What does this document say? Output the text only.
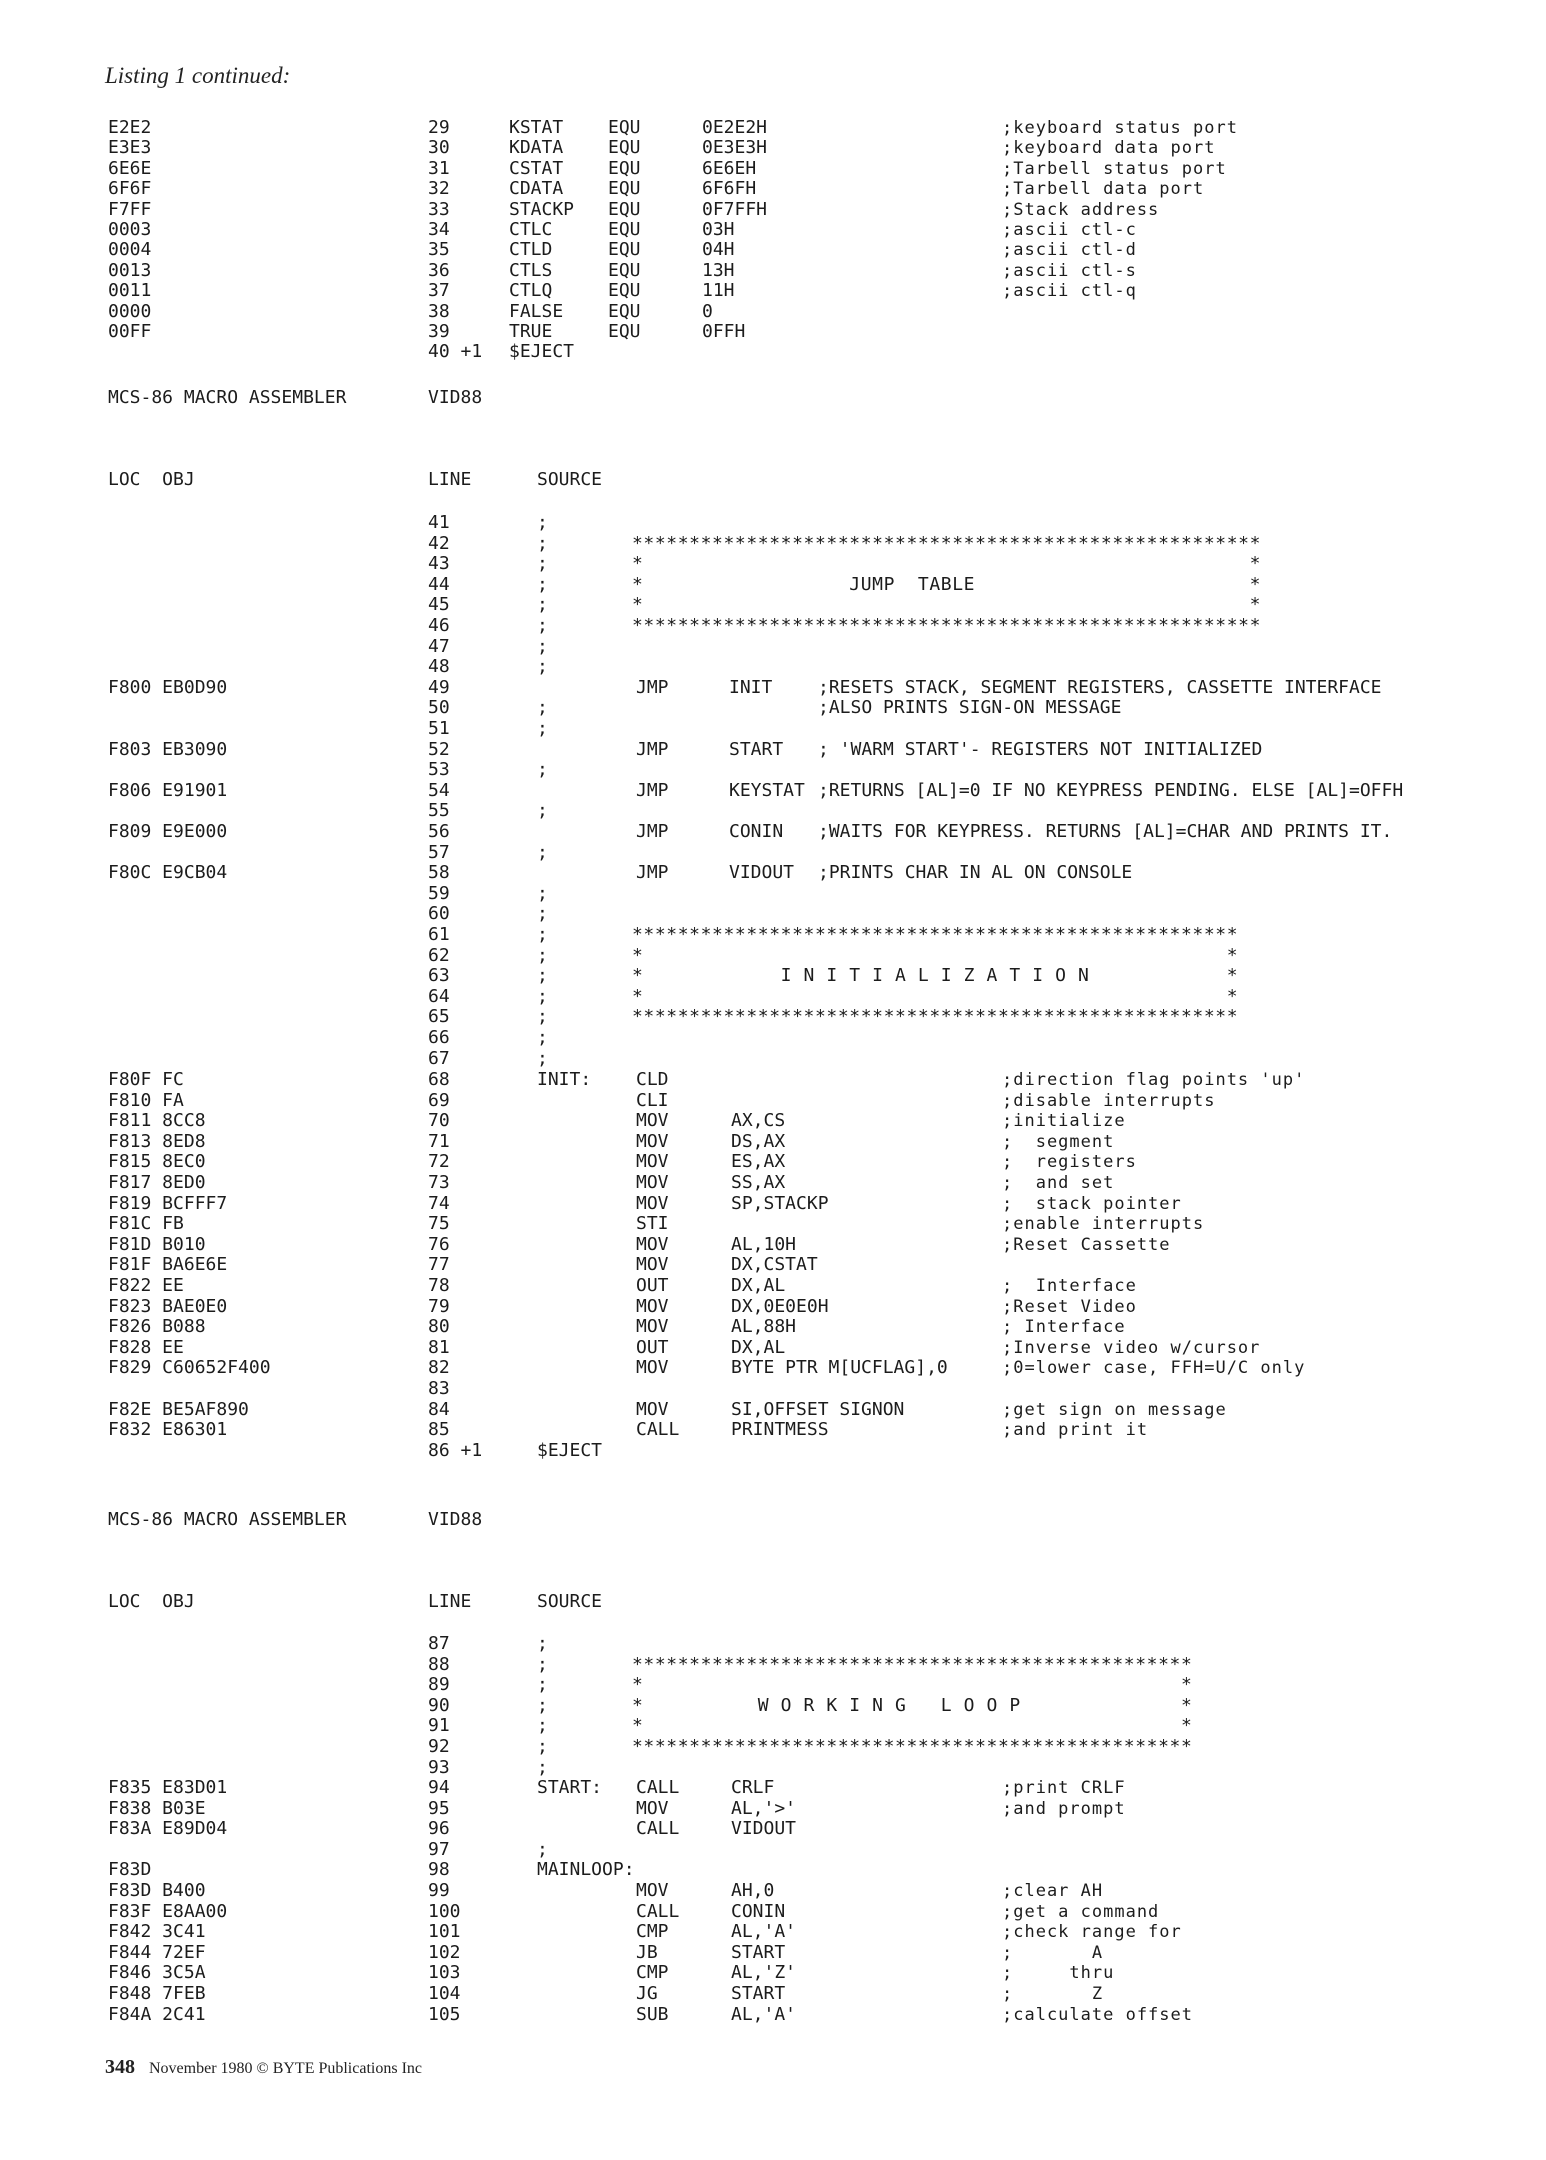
Listing 1 continued:
E2E2	29	KSTAT EQU	0E2E2H	;keyboard status port
E3E3	30	KDATA EQU	0E3E3H	;keyboard data port
6E6E	31	CSTAT EQU	6E6EH	;Tarbell status port
6F6F	32	CDATA EQU	6F6FH	;Tarbell data port
F7FF	33	STACKP EQU	0F7FFH	;Stack address
0003	34	CTLC	EQU	03H	;ascii ctl-c
0004	35	CTLD	EQU	04H	;ascii ctl-d
0013	36	CTLS	EQU	13H	;ascii ctl-s
0011	37	CTLQ	EQU	11H	;ascii ctl-q
0000	38	FALSE EQU	0
00FF	39	TRUE	EQU	0FFH
40 +1 $EJECT
MCS-86 MACRO ASSEMBLER	VID88
LOC  OBJ	LINE	SOURCE
MCS-86 MACRO ASSEMBLER	VID88
LOC  OBJ	LINE	SOURCE
41	;
42	;	*******************************************************
43	;	*                                                     *
44	;	*                  JUMP  TABLE                        *
45	;	*                                                     *
46	;	*******************************************************
47	;
48	;
F800 EB0D90	49	JMP	INIT	;RESETS STACK, SEGMENT REGISTERS, CASSETTE INTERFACE
50	;	;ALSO PRINTS SIGN-ON MESSAGE
51	;
F803 EB3090	52	JMP	START ; 'WARM START'- REGISTERS NOT INITIALIZED
53	;
F806 E91901	54	JMP	KEYSTAT ;RETURNS [AL]=0 IF NO KEYPRESS PENDING. ELSE [AL]=OFFH
55	;
F809 E9E000	56	JMP	CONIN ;WAITS FOR KEYPRESS. RETURNS [AL]=CHAR AND PRINTS IT.
57	;
F80C E9CB04	58	JMP	VIDOUT ;PRINTS CHAR IN AL ON CONSOLE
59	;
60	;
61	;	*****************************************************
62	;	*                                                   *
63	;	*            I N I T I A L I Z A T I O N            *
64	;	*                                                   *
65	;	*****************************************************
66	;
67	;
F80F FC	68	INIT: CLD	;direction flag points 'up'
F810 FA	69	CLI	;disable interrupts
F811 8CC8	70	MOV	AX,CS	;initialize
F813 8ED8	71	MOV	DS,AX	;  segment
F815 8EC0	72	MOV	ES,AX	;  registers
F817 8ED0	73	MOV	SS,AX	;  and set
F819 BCFFF7	74	MOV	SP,STACKP	;  stack pointer
F81C FB	75	STI	;enable interrupts
F81D B010	76	MOV	AL,10H	;Reset Cassette
F81F BA6E6E	77	MOV	DX,CSTAT
F822 EE	78	OUT	DX,AL	;  Interface
F823 BAE0E0	79	MOV	DX,0E0E0H	;Reset Video
F826 B088	80	MOV	AL,88H	; Interface
F828 EE	81	OUT	DX,AL	;Inverse video w/cursor
F829 C60652F400	82	MOV	BYTE PTR M[UCFLAG],0	;0=lower case, FFH=U/C only
83
F82E BE5AF890	84	MOV	SI,OFFSET SIGNON	;get sign on message
F832 E86301	85	CALL	PRINTMESS	;and print it
86 +1	$EJECT
87	;
88	;	*************************************************
89	;	*                                               *
90	;	*          W O R K I N G   L O O P              *
91	;	*                                               *
92	;	*************************************************
93	;
F835 E83D01	94	START: CALL	CRLF	;print CRLF
F838 B03E	95	MOV	AL,'>'	;and prompt
F83A E89D04	96	CALL	VIDOUT
97	;
F83D	98	MAINLOOP:
F83D B400	99	MOV	AH,0	;clear AH
F83F E8AA00	100	CALL	CONIN	;get a command
F842 3C41	101	CMP	AL,'A'	;check range for
F844 72EF	102	JB	START	;       A
F846 3C5A	103	CMP	AL,'Z'	;     thru
F848 7FEB	104	JG	START	;       Z
F84A 2C41	105	SUB	AL,'A'	;calculate offset
348 November 1980 © BYTE Publications Inc
